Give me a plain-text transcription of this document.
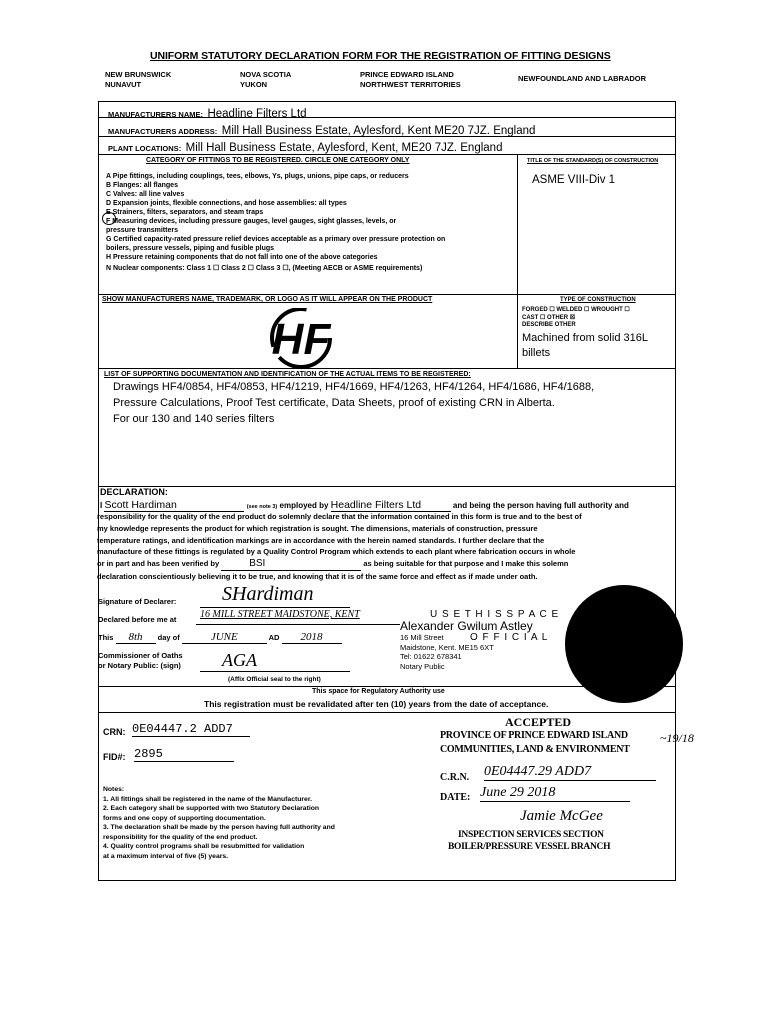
UNIFORM STATUTORY DECLARATION FORM FOR THE REGISTRATION OF FITTING DESIGNS
NEW BRUNSWICK
NUNAVUT
NOVA SCOTIA
YUKON
PRINCE EDWARD ISLAND
NORTHWEST TERRITORIES
NEWFOUNDLAND AND LABRADOR
MANUFACTURERS NAME: Headline Filters Ltd
MANUFACTURERS ADDRESS: Mill Hall Business Estate, Aylesford, Kent ME20 7JZ. England
PLANT LOCATIONS: Mill Hall Business Estate, Aylesford, Kent, ME20 7JZ. England
CATEGORY OF FITTINGS TO BE REGISTERED. CIRCLE ONE CATEGORY ONLY
A Pipe fittings, including couplings, tees, elbows, Ys, plugs, unions, pipe caps, or reducers
B Flanges: all flanges
C Valves: all line valves
D Expansion joints, flexible connections, and hose assemblies: all types
E Strainers, filters, separators, and steam traps
F Measuring devices, including pressure gauges, level gauges, sight glasses, levels, or
pressure transmitters
G Certified capacity-rated pressure relief devices acceptable as a primary over pressure protection on
boilers, pressure vessels, piping and fusible plugs
H Pressure retaining components that do not fall into one of the above categories
N Nuclear components: Class 1 ☐ Class 2 ☐ Class 3 ☐, (Meeting AECB or ASME requirements)
TITLE OF THE STANDARD(S) OF CONSTRUCTION
ASME VIII-Div 1
SHOW MANUFACTURERS NAME, TRADEMARK, OR LOGO AS IT WILL APPEAR ON THE PRODUCT
HF
TYPE OF CONSTRUCTION
FORGED ☐ WELDED ☐ WROUGHT ☐
CAST ☐ OTHER ☒
DESCRIBE OTHER
Machined from solid 316L
billets
LIST OF SUPPORTING DOCUMENTATION AND IDENTIFICATION OF THE ACTUAL ITEMS TO BE REGISTERED:
Drawings HF4/0854, HF4/0853, HF4/1219, HF4/1669, HF4/1263, HF4/1264, HF4/1686, HF4/1688,
Pressure Calculations, Proof Test certificate, Data Sheets, proof of existing CRN in Alberta.
For our 130 and 140 series filters
DECLARATION:
I Scott Hardiman	(see note 3) employed by Headline Filters Ltd	and being the person having full authority and
responsibility for the quality of the end product do solemnly declare that the information contained in this form is true and to the best of
my knowledge represents the product for which registration is sought. The dimensions, materials of construction, pressure
temperature ratings, and identification markings are in accordance with the herein named standards. I further declare that the
manufacture of these fittings is regulated by a Quality Control Program which extends to each plant where fabrication occurs in whole
or in part and has been verified by	BSI	as being suitable for that purpose and I make this solemn
declaration conscientiously believing it to be true, and knowing that it is of the same force and effect as if made under oath.
Signature of Declarer: SHardiman
Declared before me at 16 MILL STREET MAIDSTONE, KENT
This 8th day of	JUNE	AD 2018
Commissioner of Oaths
or Notary Public: (sign) AGA
(Affix Official seal to the right)
U S E T H I S S P A C E
Alexander Gwilum Astley
O F F I C I A L
16 Mill Street
Maidstone, Kent. ME15 6XT
Tel: 01622 678341
Notary Public
This space for Regulatory Authority use
This registration must be revalidated after ten (10) years from the date of acceptance.
CRN: 0E04447.2 ADD7
FID#: 2895
Notes:
1. All fittings shall be registered in the name of the Manufacturer.
2. Each category shall be supported with two Statutory Declaration
forms and one copy of supporting documentation.
3. The declaration shall be made by the person having full authority and
responsibility for the quality of the end product.
4. Quality control programs shall be resubmitted for validation
at a maximum interval of five (5) years.
ACCEPTED
PROVINCE OF PRINCE EDWARD ISLAND
COMMUNITIES, LAND & ENVIRONMENT
~19/18
C.R.N. 0E04447.29 ADD7
DATE: June 29 2018
Jamie McGee
INSPECTION SERVICES SECTION
BOILER/PRESSURE VESSEL BRANCH
